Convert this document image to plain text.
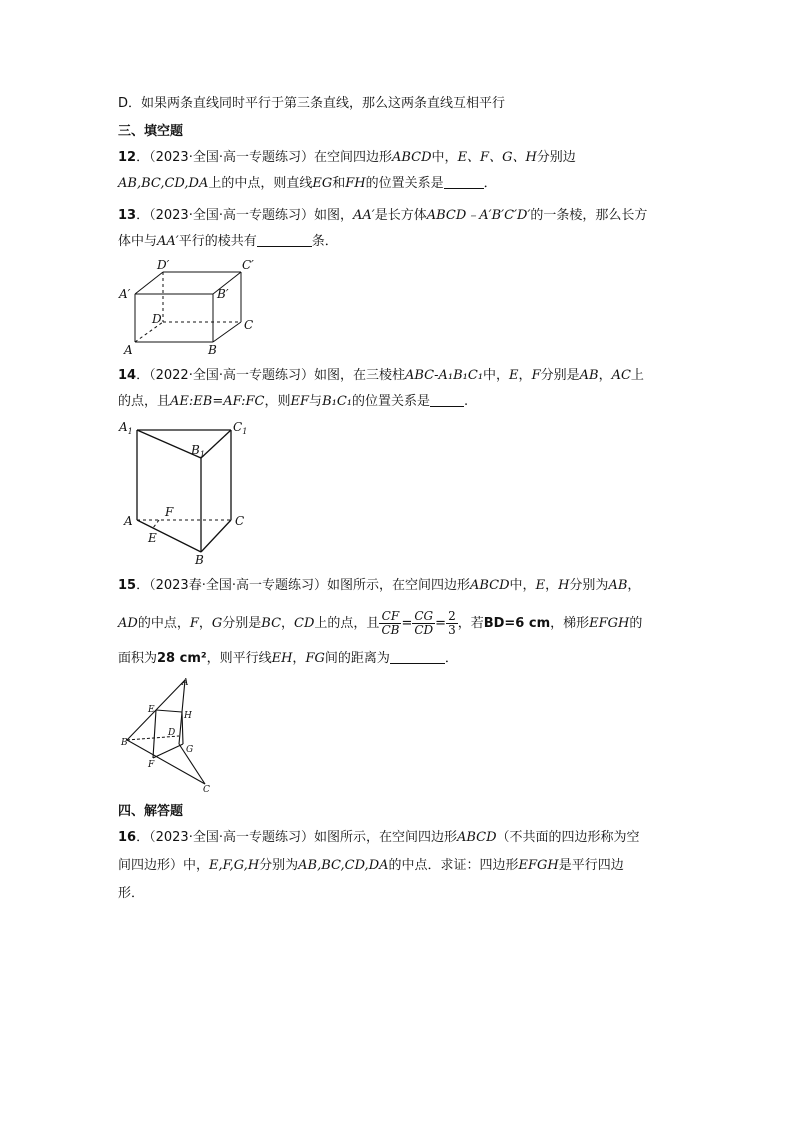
D．如果两条直线同时平行于第三条直线，那么这两条直线互相平行
三、填空题
12．（2023·全国·高一专题练习）在空间四边形ABCD中，E、F、G、H分别边
AB,BC,CD,DA上的中点，则直线EG和FH的位置关系是	．
13．（2023·全国·高一专题练习）如图，AA′是长方体ABCD﹣A′B′C′D′的一条棱，那么长方
体中与AA′平行的棱共有	条．
D′	C′
A′	B′
D	C
A	B
14．（2022·全国·高一专题练习）如图，在三棱柱ABC-A₁B₁C₁中，E，F分别是AB，AC上
的点，且AE:EB=AF:FC，则EF与B₁C₁的位置关系是	.
$A_1$	$C_1$
$B_1$
A	C
B
E
F
15．（2023春·全国·高一专题练习）如图所示，在空间四边形ABCD中，E，H分别为AB，
AD的中点，F，G分别是BC，CD上的点，且 $\frac{CF}{CB} = \frac{CG}{CD} = \frac{2}{3}$ ，若BD=6 cm，梯形EFGH的
面积为28 cm²，则平行线EH，FG间的距离为	．
A
B
C
D
E
F
G
H
四、解答题
16．（2023·全国·高一专题练习）如图所示，在空间四边形ABCD（不共面的四边形称为空
间四边形）中，E,F,G,H分别为AB,BC,CD,DA的中点．求证：四边形EFGH是平行四边
形．
